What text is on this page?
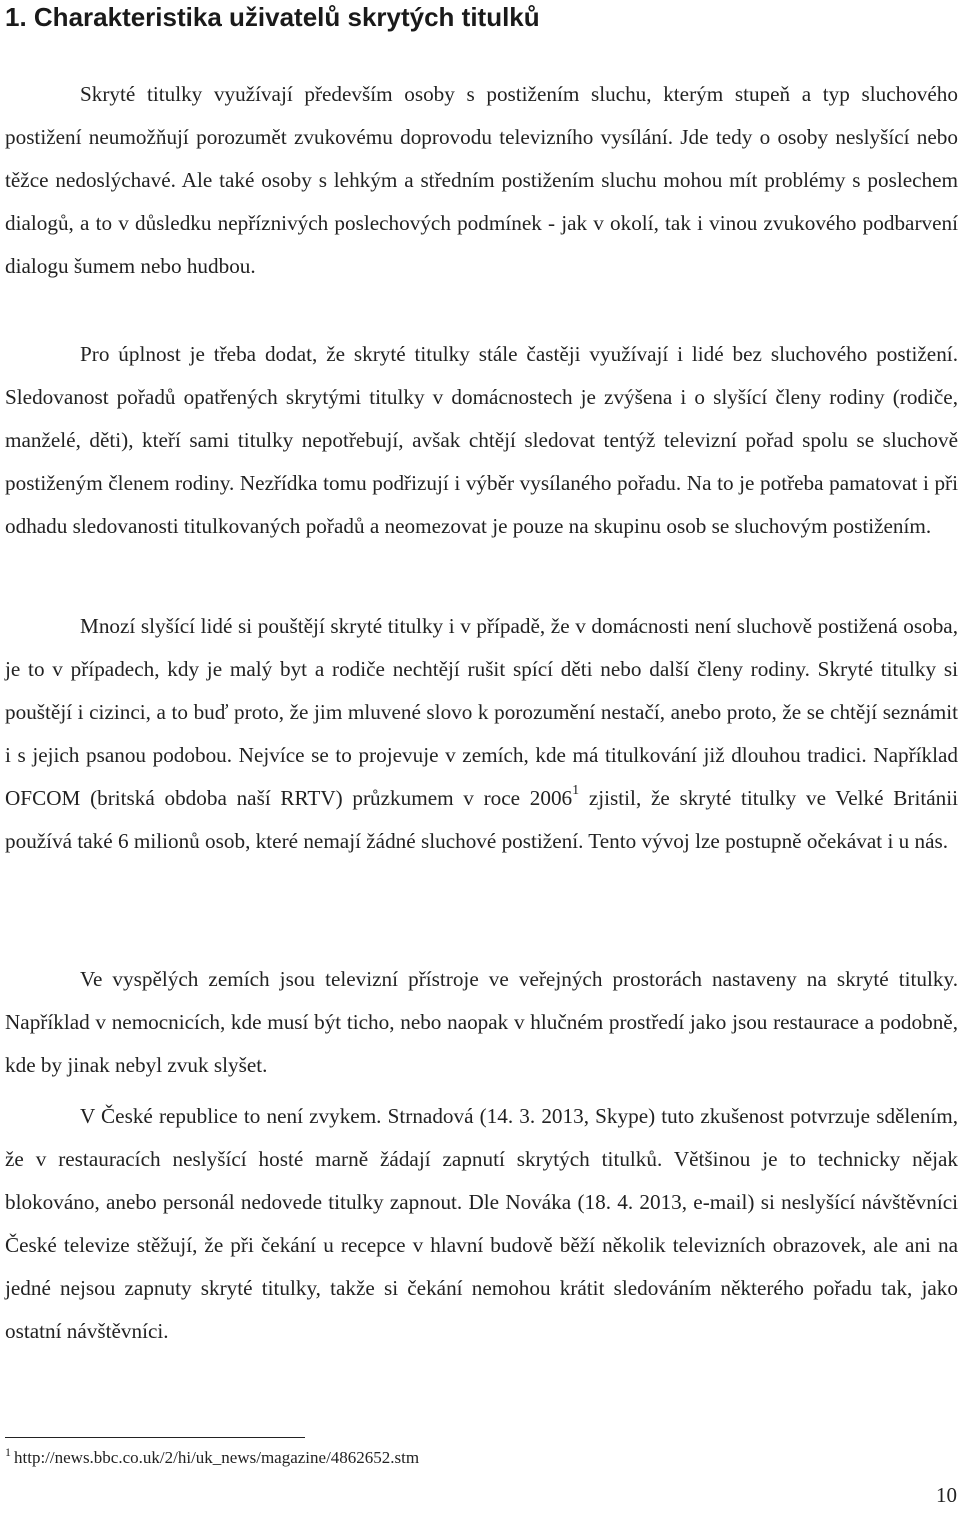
1. Charakteristika uživatelů skrytých titulků

Skryté titulky využívají především osoby s postižením sluchu, kterým stupeň a typ sluchového postižení neumožňují porozumět zvukovému doprovodu televizního vysílání. Jde tedy o osoby neslyšící nebo těžce nedoslýchavé. Ale také osoby s lehkým a středním postižením sluchu mohou mít problémy s poslechem dialogů, a to v důsledku nepříznivých poslechových podmínek - jak v okolí, tak i vinou zvukového podbarvení dialogu šumem nebo hudbou.

Pro úplnost je třeba dodat, že skryté titulky stále častěji využívají i lidé bez sluchového postižení. Sledovanost pořadů opatřených skrytými titulky v domácnostech je zvýšena i o slyšící členy rodiny (rodiče, manželé, děti), kteří sami titulky nepotřebují, avšak chtějí sledovat tentýž televizní pořad spolu se sluchově postiženým členem rodiny. Nezřídka tomu podřizují i výběr vysílaného pořadu. Na to je potřeba pamatovat i při odhadu sledovanosti titulkovaných pořadů a neomezovat je pouze na skupinu osob se sluchovým postižením.

Mnozí slyšící lidé si pouštějí skryté titulky i v případě, že v domácnosti není sluchově postižená osoba, je to v případech, kdy je malý byt a rodiče nechtějí rušit spící děti nebo další členy rodiny. Skryté titulky si pouštějí i cizinci, a to buď proto, že jim mluvené slovo k porozumění nestačí, anebo proto, že se chtějí seznámit i s jejich psanou podobou. Nejvíce se to projevuje v zemích, kde má titulkování již dlouhou tradici. Například OFCOM (britská obdoba naší RRTV) průzkumem v roce 2006$^1$ zjistil, že skryté titulky ve Velké Británii používá také 6 milionů osob, které nemají žádné sluchové postižení. Tento vývoj lze postupně očekávat i u nás.

Ve vyspělých zemích jsou televizní přístroje ve veřejných prostorách nastaveny na skryté titulky. Například v nemocnicích, kde musí být ticho, nebo naopak v hlučném prostředí jako jsou restaurace a podobně, kde by jinak nebyl zvuk slyšet.

V České republice to není zvykem. Strnadová (14. 3. 2013, Skype) tuto zkušenost potvrzuje sdělením, že v restauracích neslyšící hosté marně žádají zapnutí skrytých titulků. Většinou je to technicky nějak blokováno, anebo personál nedovede titulky zapnout. Dle Nováka (18. 4. 2013, e-mail) si neslyšící návštěvníci České televize stěžují, že při čekání u recepce v hlavní budově běží několik televizních obrazovek, ale ani na jedné nejsou zapnuty skryté titulky, takže si čekání nemohou krátit sledováním některého pořadu tak, jako ostatní návštěvníci.

$^1$ http://news.bbc.co.uk/2/hi/uk_news/magazine/4862652.stm

10
